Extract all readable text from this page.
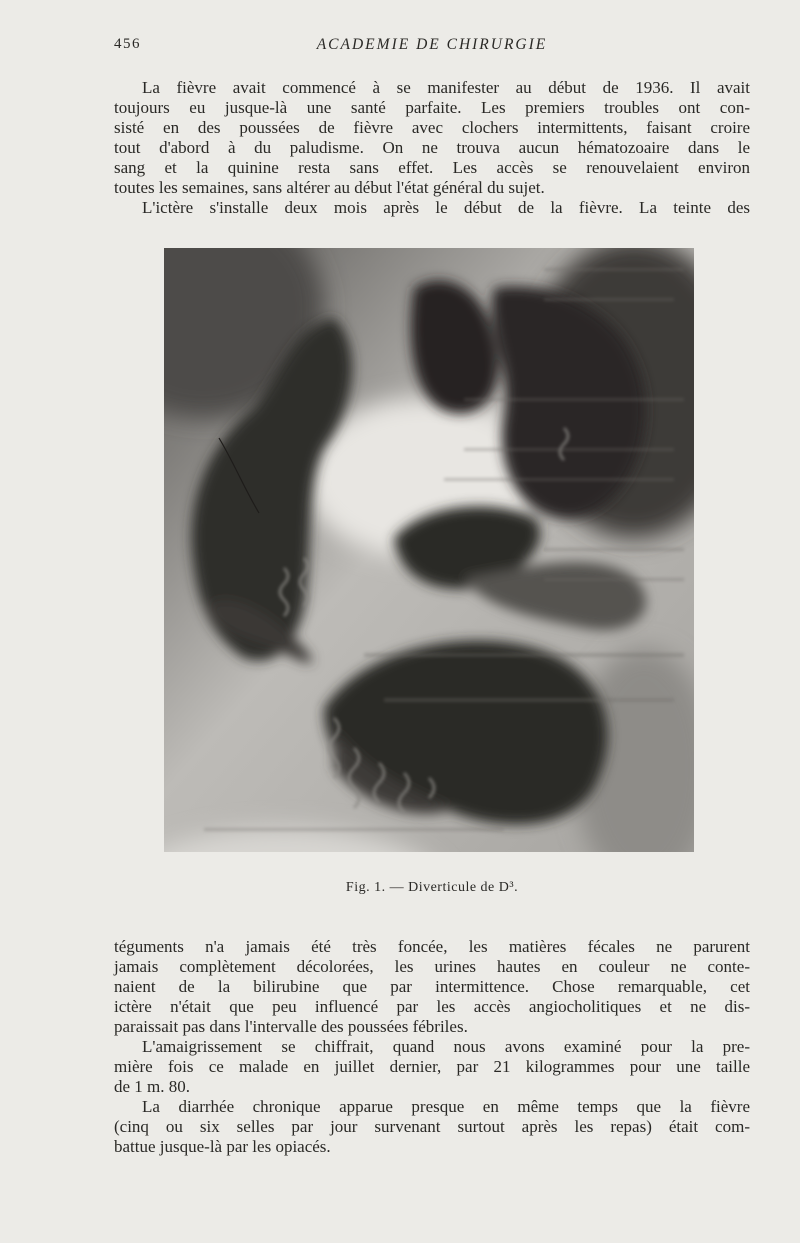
456	ACADEMIE DE CHIRURGIE
La fièvre avait commencé à se manifester au début de 1936. Il avait
toujours eu jusque-là une santé parfaite. Les premiers troubles ont con-
sisté en des poussées de fièvre avec clochers intermittents, faisant croire
tout d'abord à du paludisme. On ne trouva aucun hématozoaire dans le
sang et la quinine resta sans effet. Les accès se renouvelaient environ
toutes les semaines, sans altérer au début l'état général du sujet.
L'ictère s'installe deux mois après le début de la fièvre. La teinte des
Fig. 1. — Diverticule de D³.
téguments n'a jamais été très foncée, les matières fécales ne parurent
jamais complètement décolorées, les urines hautes en couleur ne conte-
naient de la bilirubine que par intermittence. Chose remarquable, cet
ictère n'était que peu influencé par les accès angiocholitiques et ne dis-
paraissait pas dans l'intervalle des poussées fébriles.
L'amaigrissement se chiffrait, quand nous avons examiné pour la pre-
mière fois ce malade en juillet dernier, par 21 kilogrammes pour une taille
de 1 m. 80.
La diarrhée chronique apparue presque en même temps que la fièvre
(cinq ou six selles par jour survenant surtout après les repas) était com-
battue jusque-là par les opiacés.
